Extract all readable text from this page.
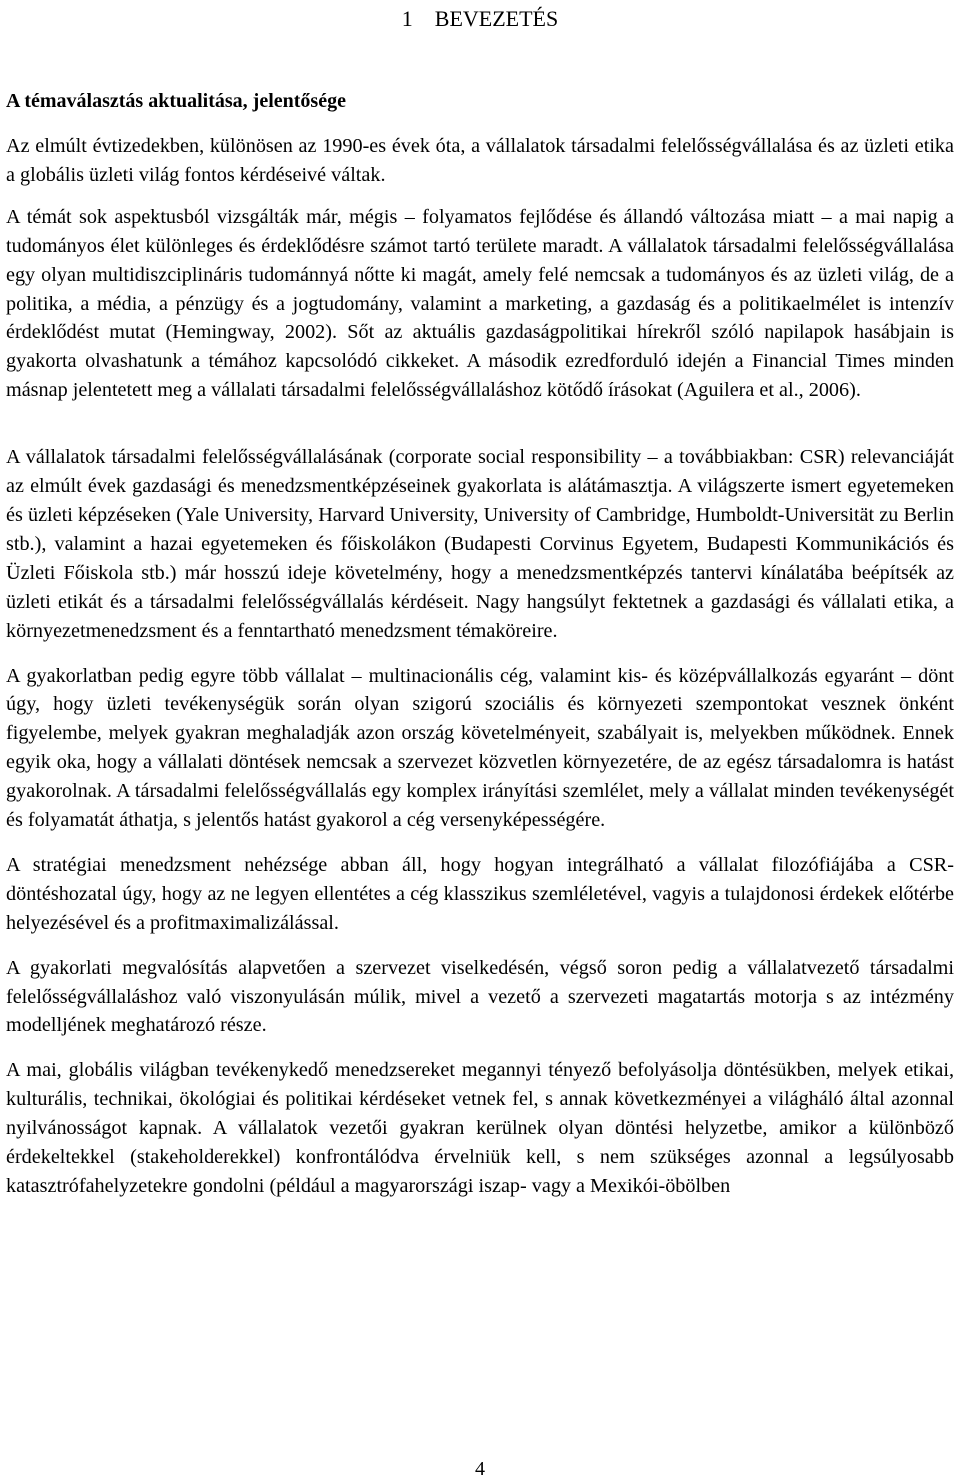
1 BEVEZETÉS
A témaválasztás aktualitása, jelentősége

Az elmúlt évtizedekben, különösen az 1990-es évek óta, a vállalatok társadalmi felelősségvállalása és az üzleti etika a globális üzleti világ fontos kérdéseivé váltak.

A témát sok aspektusból vizsgálták már, mégis – folyamatos fejlődése és állandó változása miatt – a mai napig a tudományos élet különleges és érdeklődésre számot tartó területe maradt. A vállalatok társadalmi felelősségvállalása egy olyan multidiszciplináris tudománnyá nőtte ki magát, amely felé nemcsak a tudományos és az üzleti világ, de a politika, a média, a pénzügy és a jogtudomány, valamint a marketing, a gazdaság és a politikaelmélet is intenzív érdeklődést mutat (Hemingway, 2002). Sőt az aktuális gazdaságpolitikai hírekről szóló napilapok hasábjain is gyakorta olvashatunk a témához kapcsolódó cikkeket. A második ezredforduló idején a Financial Times minden másnap jelentetett meg a vállalati társadalmi felelősségvállaláshoz kötődő írásokat (Aguilera et al., 2006).

A vállalatok társadalmi felelősségvállalásának (corporate social responsibility – a továbbiakban: CSR) relevanciáját az elmúlt évek gazdasági és menedzsmentképzéseinek gyakorlata is alátámasztja. A világszerte ismert egyetemeken és üzleti képzéseken (Yale University, Harvard University, University of Cambridge, Humboldt-Universität zu Berlin stb.), valamint a hazai egyetemeken és főiskolákon (Budapesti Corvinus Egyetem, Budapesti Kommunikációs és Üzleti Főiskola stb.) már hosszú ideje követelmény, hogy a menedzsmentképzés tantervi kínálatába beépítsék az üzleti etikát és a társadalmi felelősségvállalás kérdéseit. Nagy hangsúlyt fektetnek a gazdasági és vállalati etika, a környezetmenedzsment és a fenntartható menedzsment témaköreire.

A gyakorlatban pedig egyre több vállalat – multinacionális cég, valamint kis- és középvállalkozás egyaránt – dönt úgy, hogy üzleti tevékenységük során olyan szigorú szociális és környezeti szempontokat vesznek önként figyelembe, melyek gyakran meghaladják azon ország követelményeit, szabályait is, melyekben működnek. Ennek egyik oka, hogy a vállalati döntések nemcsak a szervezet közvetlen környezetére, de az egész társadalomra is hatást gyakorolnak. A társadalmi felelősségvállalás egy komplex irányítási szemlélet, mely a vállalat minden tevékenységét és folyamatát áthatja, s jelentős hatást gyakorol a cég versenyképességére.

A stratégiai menedzsment nehézsége abban áll, hogy hogyan integrálható a vállalat filozófiájába a CSR-döntéshozatal úgy, hogy az ne legyen ellentétes a cég klasszikus szemléletével, vagyis a tulajdonosi érdekek előtérbe helyezésével és a profitmaximalizálással.

A gyakorlati megvalósítás alapvetően a szervezet viselkedésén, végső soron pedig a vállalatvezető társadalmi felelősségvállaláshoz való viszonyulásán múlik, mivel a vezető a szervezeti magatartás motorja s az intézmény modelljének meghatározó része.

A mai, globális világban tevékenykedő menedzsereket megannyi tényező befolyásolja döntésükben, melyek etikai, kulturális, technikai, ökológiai és politikai kérdéseket vetnek fel, s annak következményei a világháló által azonnal nyilvánosságot kapnak. A vállalatok vezetői gyakran kerülnek olyan döntési helyzetbe, amikor a különböző érdekeltekkel (stakeholderekkel) konfrontálódva érvelniük kell, s nem szükséges azonnal a legsúlyosabb katasztrófahelyzetekre gondolni (például a magyarországi iszap- vagy a Mexikói-öbölben

4
